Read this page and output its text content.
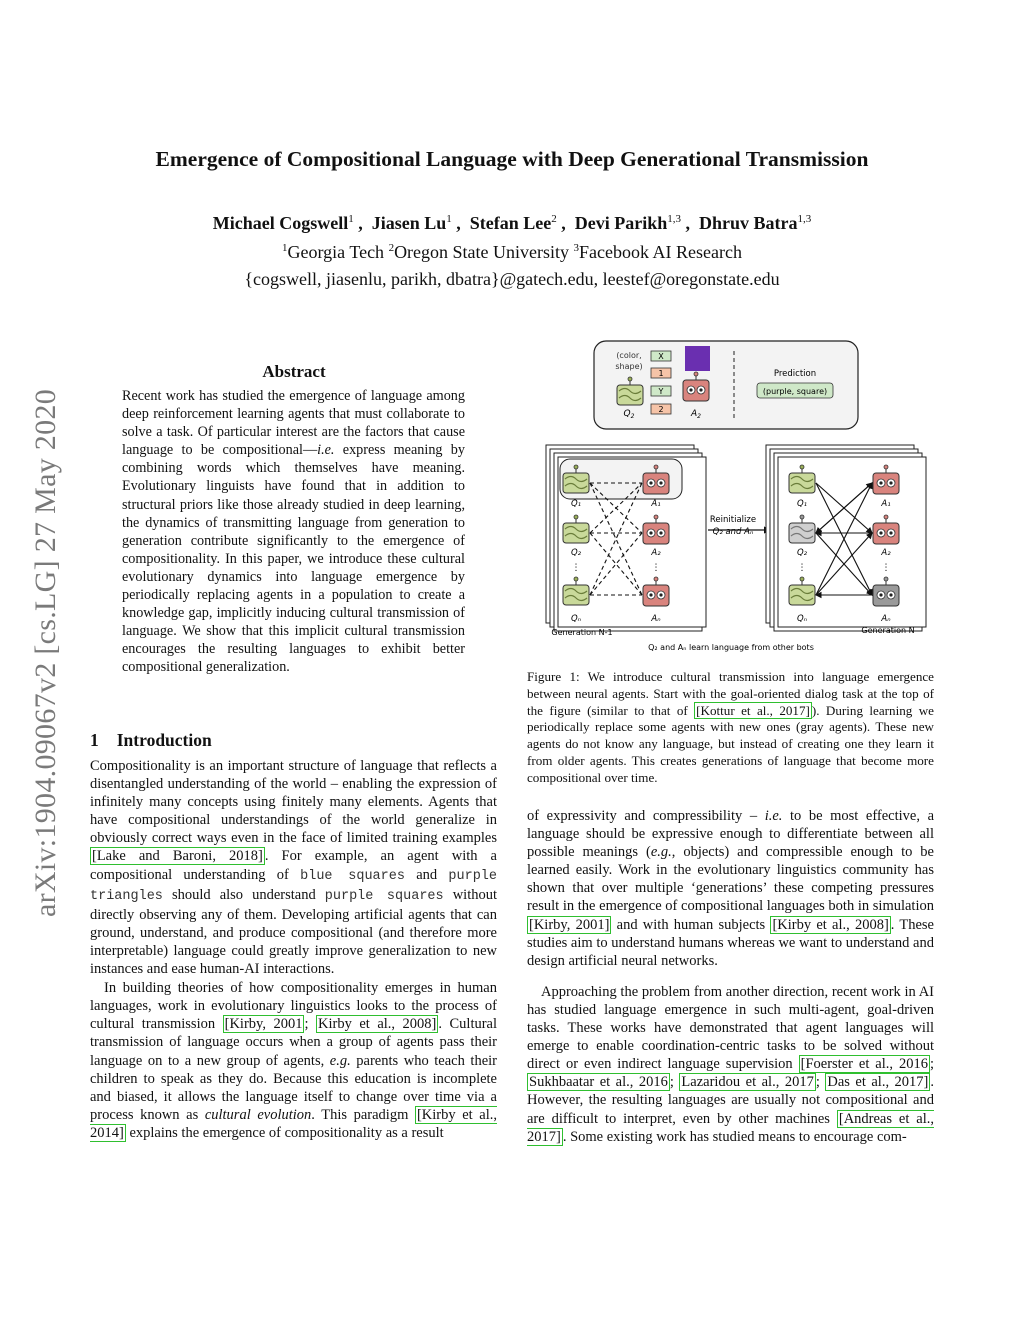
arXiv:1904.09067v2 [cs.LG] 27 May 2020
Emergence of Compositional Language with Deep Generational Transmission
Michael Cogswell$^1$ ,  Jiasen Lu$^1$ ,  Stefan Lee$^2$ ,  Devi Parikh$^{1,3}$ ,  Dhruv Batra$^{1,3}$
$^1$Georgia Tech $^2$Oregon State University $^3$Facebook AI Research
{cogswell, jiasenlu, parikh, dbatra}@gatech.edu, leestef@oregonstate.edu
Abstract
Recent work has studied the emergence of language among deep reinforcement learning agents that must collaborate to solve a task. Of particular interest are the factors that cause language to be compositional—i.e. express meaning by combining words which themselves have meaning. Evolutionary linguists have found that in addition to structural priors like those already studied in deep learning, the dynamics of transmitting language from generation to generation contribute significantly to the emergence of compositionality. In this paper, we introduce these cultural evolutionary dynamics into language emergence by periodically replacing agents in a population to create a knowledge gap, implicitly inducing cultural transmission of language. We show that this implicit cultural transmission encourages the resulting languages to exhibit better compositional generalization.
1 Introduction

Compositionality is an important structure of language that reflects a disentangled understanding of the world – enabling the expression of infinitely many concepts using finitely many elements. Agents that have compositional understandings of the world generalize in obviously correct ways even in the face of limited training examples [Lake and Baroni, 2018] . For example, an agent with a compositional understanding of blue squares and purple triangles should also understand purple squares without directly observing any of them. Developing artificial agents that can ground, understand, and produce compositional (and therefore more interpretable) language could greatly improve generalization to new instances and ease human-AI interactions.

In building theories of how compositionality emerges in human languages, work in evolutionary linguistics looks to the process of cultural transmission [Kirby, 2001 ; Kirby et al., 2008] . Cultural transmission of language occurs when a group of agents pass their language on to a new group of agents, e.g. parents who teach their children to speak as they do. Because this education is incomplete and biased, it allows the language itself to change over time via a process known as cultural evolution. This paradigm [Kirby et al., 2014] explains the emergence of compositionality as a result

(color,
shape)
$Q_2$
X
1
Y
2	$A_2$
Prediction
(purple, square)
Q₁	A₁
Q₂	A₂
⋮	⋮
Qₙ	Aₙ
Generation N-1
Reinitialize
Q₂ and Aₙ
Q₁	A₁
Q₂	A₂
⋮	⋮
Qₙ	Aₙ
Generation N
Q₂ and Aₙ learn language from other bots
Figure 1: We introduce cultural transmission into language emergence between neural agents. Start with the goal-oriented dialog task at the top of the figure (similar to that of [Kottur et al., 2017] ). During learning we periodically replace some agents with new ones (gray agents). These new agents do not know any language, but instead of creating one they learn it from older agents. This creates generations of language that become more compositional over time.

of expressivity and compressibility – i.e. to be most effective, a language should be expressive enough to differentiate between all possible meanings (e.g., objects) and compressible enough to be learned easily. Work in the evolutionary linguistics community has shown that over multiple ‘generations’ these competing pressures result in the emergence of compositional languages both in simulation [Kirby, 2001] and with human subjects [Kirby et al., 2008] . These studies aim to understand humans whereas we want to understand and design artificial neural networks.

Approaching the problem from another direction, recent work in AI has studied language emergence in such multi-agent, goal-driven tasks. These works have demonstrated that agent languages will emerge to enable coordination-centric tasks to be solved without direct or even indirect language supervision [Foerster et al., 2016 ; Sukhbaatar et al., 2016 ; Lazaridou et al., 2017 ; Das et al., 2017] . However, the resulting languages are usually not compositional and are difficult to interpret, even by other machines [Andreas et al., 2017] . Some existing work has studied means to encourage com-
